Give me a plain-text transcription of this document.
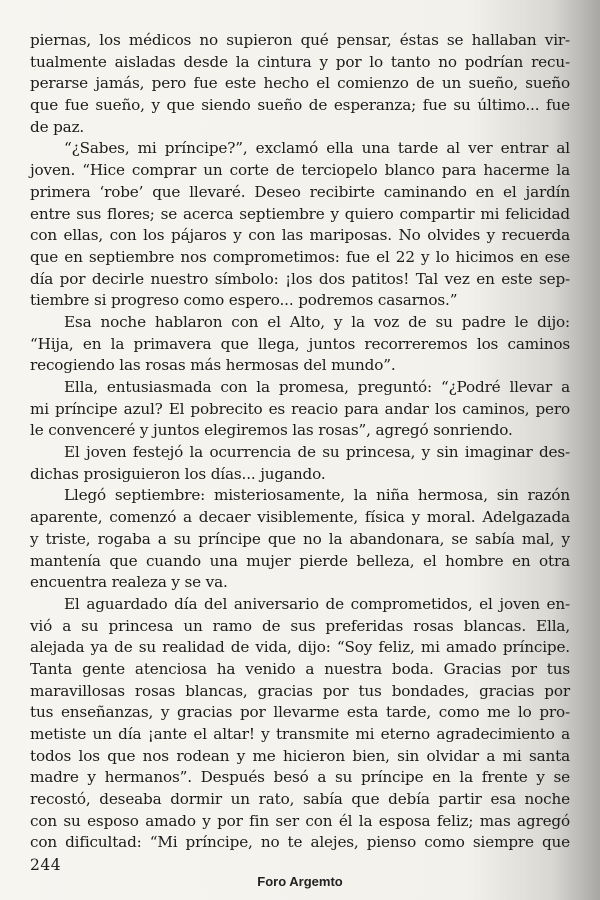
piernas, los médicos no supieron qué pensar, éstas se hallaban vir-
tualmente aisladas desde la cintura y por lo tanto no podrían recu-
perarse jamás, pero fue este hecho el comienzo de un sueño, sueño
que fue sueño, y que siendo sueño de esperanza; fue su último... fue
de paz.
“¿Sabes, mi príncipe?”, exclamó ella una tarde al ver entrar al
joven. “Hice comprar un corte de terciopelo blanco para hacerme la
primera ‘robe’ que llevaré. Deseo recibirte caminando en el jardín
entre sus flores; se acerca septiembre y quiero compartir mi felicidad
con ellas, con los pájaros y con las mariposas. No olvides y recuerda
que en septiembre nos comprometimos: fue el 22 y lo hicimos en ese
día por decirle nuestro símbolo: ¡los dos patitos! Tal vez en este sep-
tiembre si progreso como espero... podremos casarnos.”
Esa noche hablaron con el Alto, y la voz de su padre le dijo:
“Hija, en la primavera que llega, juntos recorreremos los caminos
recogiendo las rosas más hermosas del mundo”.
Ella, entusiasmada con la promesa, preguntó: “¿Podré llevar a
mi príncipe azul? El pobrecito es reacio para andar los caminos, pero
le convenceré y juntos elegiremos las rosas”, agregó sonriendo.
El joven festejó la ocurrencia de su princesa, y sin imaginar des-
dichas prosiguieron los días... jugando.
Llegó septiembre: misteriosamente, la niña hermosa, sin razón
aparente, comenzó a decaer visiblemente, física y moral. Adelgazada
y triste, rogaba a su príncipe que no la abandonara, se sabía mal, y
mantenía que cuando una mujer pierde belleza, el hombre en otra
encuentra realeza y se va.
El aguardado día del aniversario de comprometidos, el joven en-
vió a su princesa un ramo de sus preferidas rosas blancas. Ella,
alejada ya de su realidad de vida, dijo: “Soy feliz, mi amado príncipe.
Tanta gente atenciosa ha venido a nuestra boda. Gracias por tus
maravillosas rosas blancas, gracias por tus bondades, gracias por
tus enseñanzas, y gracias por llevarme esta tarde, como me lo pro-
metiste un día ¡ante el altar! y transmite mi eterno agradecimiento a
todos los que nos rodean y me hicieron bien, sin olvidar a mi santa
madre y hermanos”. Después besó a su príncipe en la frente y se
recostó, deseaba dormir un rato, sabía que debía partir esa noche
con su esposo amado y por fin ser con él la esposa feliz; mas agregó
con dificultad: “Mi príncipe, no te alejes, pienso como siempre que
244
Foro Argemto
